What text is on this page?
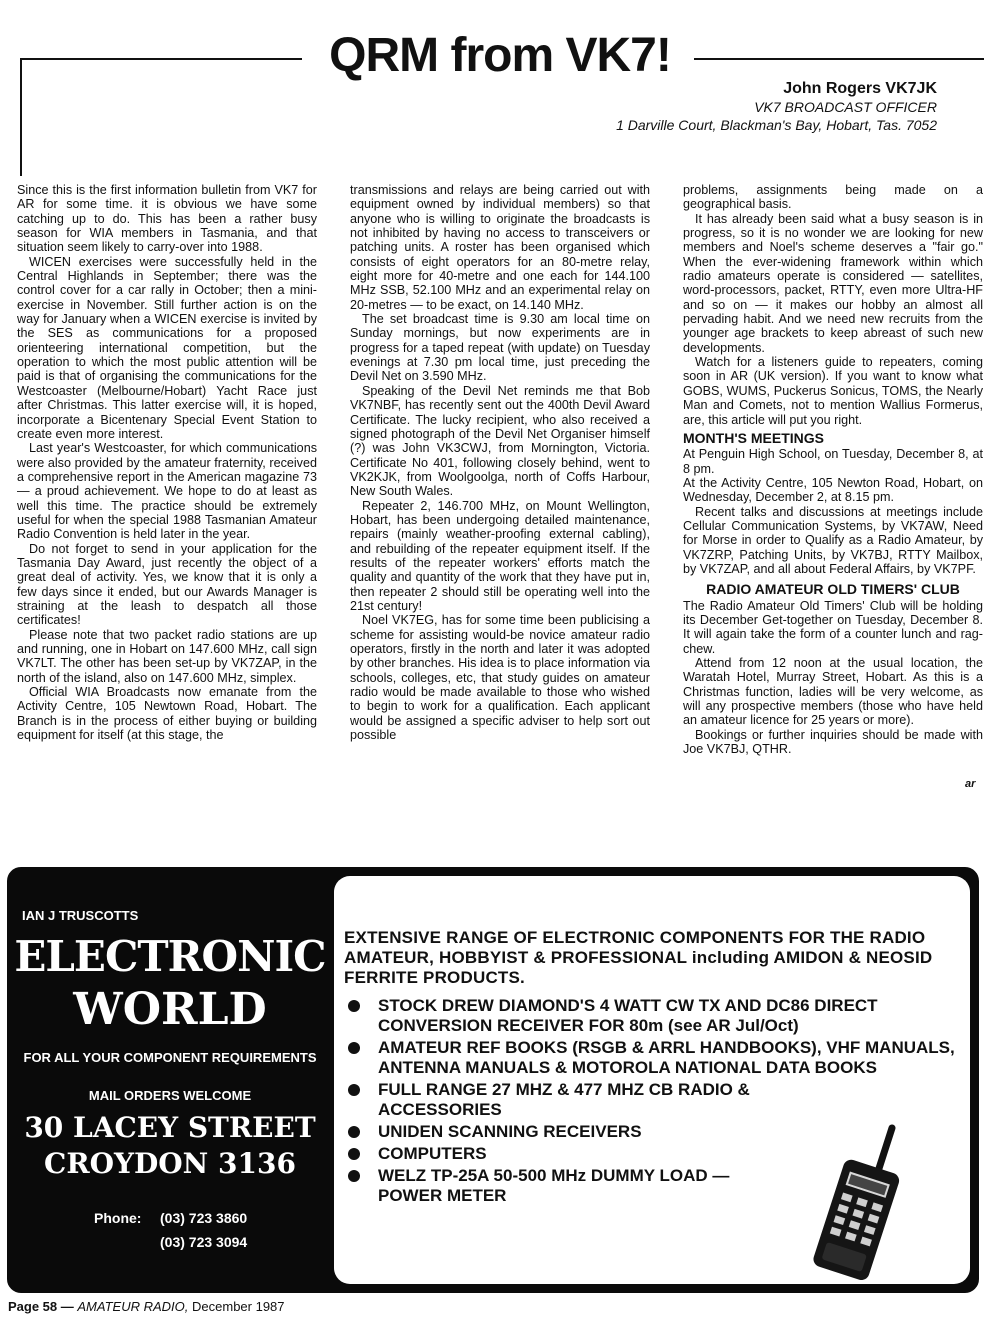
QRM from VK7!
John Rogers VK7JK
VK7 BROADCAST OFFICER
1 Darville Court, Blackman's Bay, Hobart, Tas. 7052

Since this is the first information bulletin from VK7 for AR for some time. it is obvious we have some catching up to do. This has been a rather busy season for WIA members in Tasmania, and that situation seem likely to carry-over into 1988.

WICEN exercises were successfully held in the Central Highlands in September; there was the control cover for a car rally in October; then a mini-exercise in November. Still further action is on the way for January when a WICEN exercise is invited by the SES as communications for a proposed orienteering international competition, but the operation to which the most public attention will be paid is that of organising the communications for the Westcoaster (Melbourne/Hobart) Yacht Race just after Christmas. This latter exercise will, it is hoped, incorporate a Bicentenary Special Event Station to create even more interest.

Last year's Westcoaster, for which communications were also provided by the amateur fraternity, received a comprehensive report in the American magazine 73 — a proud achievement. We hope to do at least as well this time. The practice should be extremely useful for when the special 1988 Tasmanian Amateur Radio Convention is held later in the year.

Do not forget to send in your application for the Tasmania Day Award, just recently the object of a great deal of activity. Yes, we know that it is only a few days since it ended, but our Awards Manager is straining at the leash to despatch all those certificates!

Please note that two packet radio stations are up and running, one in Hobart on 147.600 MHz, call sign VK7LT. The other has been set-up by VK7ZAP, in the north of the island, also on 147.600 MHz, simplex.

Official WIA Broadcasts now emanate from the Activity Centre, 105 Newtown Road, Hobart. The Branch is in the process of either buying or building equipment for itself (at this stage, the

transmissions and relays are being carried out with equipment owned by individual members) so that anyone who is willing to originate the broadcasts is not inhibited by having no access to transceivers or patching units. A roster has been organised which consists of eight operators for an 80-metre relay, eight more for 40-metre and one each for 144.100 MHz SSB, 52.100 MHz and an experimental relay on 20-metres — to be exact, on 14.140 MHz.

The set broadcast time is 9.30 am local time on Sunday mornings, but now experiments are in progress for a taped repeat (with update) on Tuesday evenings at 7.30 pm local time, just preceding the Devil Net on 3.590 MHz.

Speaking of the Devil Net reminds me that Bob VK7NBF, has recently sent out the 400th Devil Award Certificate. The lucky recipient, who also received a signed photograph of the Devil Net Organiser himself (?) was John VK3CWJ, from Mornington, Victoria. Certificate No 401, following closely behind, went to VK2KJK, from Woolgoolga, north of Coffs Harbour, New South Wales.

Repeater 2, 146.700 MHz, on Mount Wellington, Hobart, has been undergoing detailed maintenance, repairs (mainly weather-proofing external cabling), and rebuilding of the repeater equipment itself. If the results of the repeater workers' efforts match the quality and quantity of the work that they have put in, then repeater 2 should still be operating well into the 21st century!

Noel VK7EG, has for some time been publicising a scheme for assisting would-be novice amateur radio operators, firstly in the north and later it was adopted by other branches. His idea is to place information via schools, colleges, etc, that study guides on amateur radio would be made available to those who wished to begin to work for a qualification. Each applicant would be assigned a specific adviser to help sort out possible

problems, assignments being made on a geographical basis.

It has already been said what a busy season is in progress, so it is no wonder we are looking for new members and Noel's scheme deserves a "fair go." When the ever-widening framework within which radio amateurs operate is considered — satellites, word-processors, packet, RTTY, even more Ultra-HF and so on — it makes our hobby an almost all pervading habit. And we need new recruits from the younger age brackets to keep abreast of such new developments.

Watch for a listeners guide to repeaters, coming soon in AR (UK version). If you want to know what GOBS, WUMS, Puckerus Sonicus, TOMS, the Nearly Man and Comets, not to mention Wallius Formerus, are, this article will put you right.

MONTH'S MEETINGS

At Penguin High School, on Tuesday, December 8, at 8 pm.

At the Activity Centre, 105 Newton Road, Hobart, on Wednesday, December 2, at 8.15 pm.

Recent talks and discussions at meetings include Cellular Communication Systems, by VK7AW, Need for Morse in order to Qualify as a Radio Amateur, by VK7ZRP, Patching Units, by VK7BJ, RTTY Mailbox, by VK7ZAP, and all about Federal Affairs, by VK7PF.

RADIO AMATEUR OLD TIMERS' CLUB

The Radio Amateur Old Timers' Club will be holding its December Get-together on Tuesday, December 8. It will again take the form of a counter lunch and rag-chew.

Attend from 12 noon at the usual location, the Waratah Hotel, Murray Street, Hobart. As this is a Christmas function, ladies will be very welcome, as will any prospective members (those who have held an amateur licence for 25 years or more).

Bookings or further inquiries should be made with Joe VK7BJ, QTHR.

ar
IAN J TRUSCOTTS
ELECTRONIC
WORLD
FOR ALL YOUR COMPONENT REQUIREMENTS
MAIL ORDERS WELCOME
30 LACEY STREET
CROYDON 3136
Phone: (03) 723 3860
(03) 723 3094
EXTENSIVE RANGE OF ELECTRONIC COMPONENTS FOR THE RADIO AMATEUR, HOBBYIST & PROFESSIONAL including AMIDON & NEOSID FERRITE PRODUCTS.
STOCK DREW DIAMOND'S 4 WATT CW TX AND DC86 DIRECT CONVERSION RECEIVER FOR 80m (see AR Jul/Oct)
AMATEUR REF BOOKS (RSGB & ARRL HANDBOOKS), VHF MANUALS, ANTENNA MANUALS & MOTOROLA NATIONAL DATA BOOKS
FULL RANGE 27 MHZ & 477 MHZ CB RADIO & ACCESSORIES
UNIDEN SCANNING RECEIVERS
COMPUTERS
WELZ TP-25A 50-500 MHz DUMMY LOAD — POWER METER
Page 58 — AMATEUR RADIO, December 1987
